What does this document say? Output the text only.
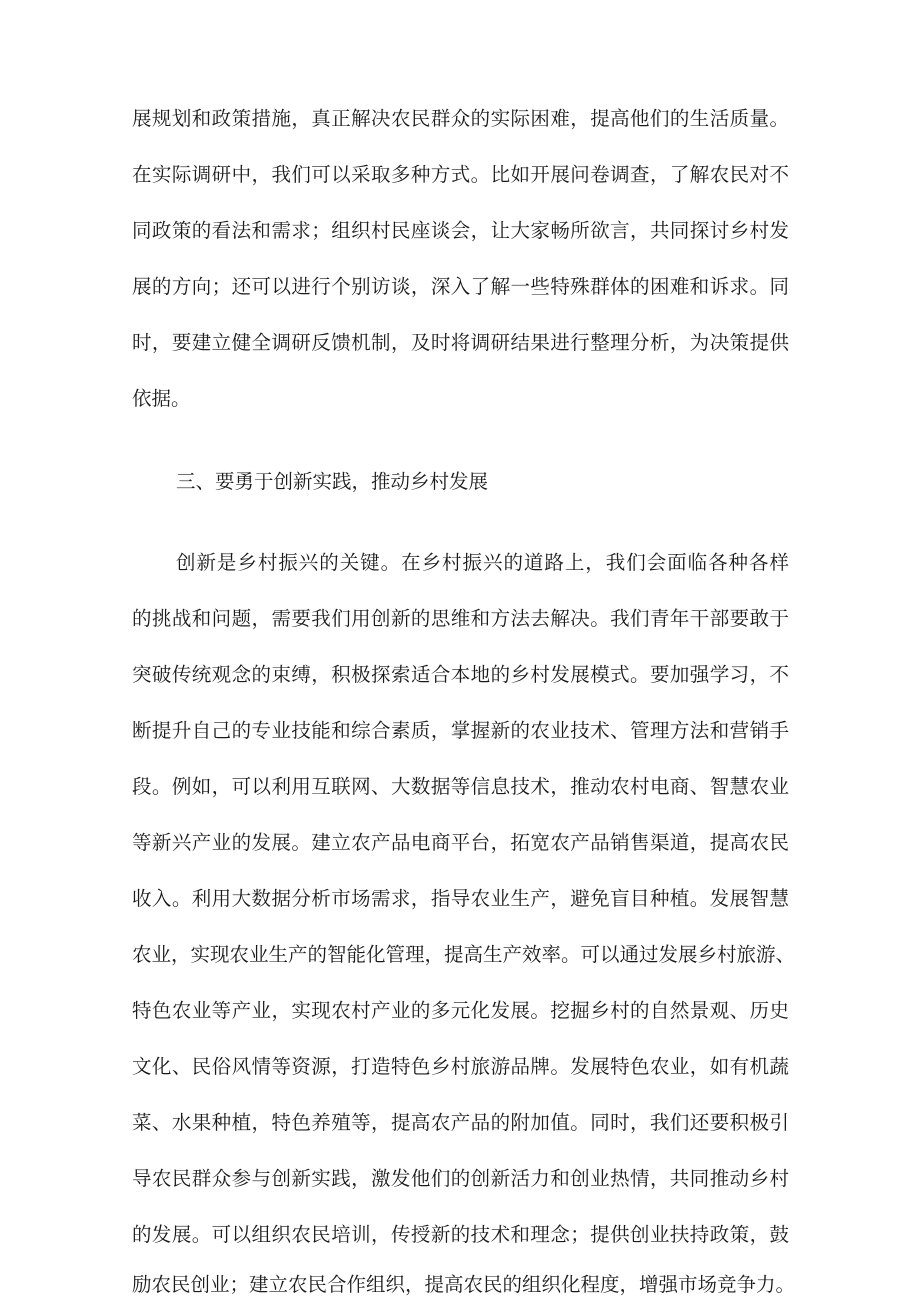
展规划和政策措施，真正解决农民群众的实际困难，提高他们的生活质量。
在实际调研中，我们可以采取多种方式。比如开展问卷调查，了解农民对不
同政策的看法和需求；组织村民座谈会，让大家畅所欲言，共同探讨乡村发
展的方向；还可以进行个别访谈，深入了解一些特殊群体的困难和诉求。同
时，要建立健全调研反馈机制，及时将调研结果进行整理分析，为决策提供
依据。
三、要勇于创新实践，推动乡村发展
创新是乡村振兴的关键。在乡村振兴的道路上，我们会面临各种各样
的挑战和问题，需要我们用创新的思维和方法去解决。我们青年干部要敢于
突破传统观念的束缚，积极探索适合本地的乡村发展模式。要加强学习，不
断提升自己的专业技能和综合素质，掌握新的农业技术、管理方法和营销手
段。例如，可以利用互联网、大数据等信息技术，推动农村电商、智慧农业
等新兴产业的发展。建立农产品电商平台，拓宽农产品销售渠道，提高农民
收入。利用大数据分析市场需求，指导农业生产，避免盲目种植。发展智慧
农业，实现农业生产的智能化管理，提高生产效率。可以通过发展乡村旅游、
特色农业等产业，实现农村产业的多元化发展。挖掘乡村的自然景观、历史
文化、民俗风情等资源，打造特色乡村旅游品牌。发展特色农业，如有机蔬
菜、水果种植，特色养殖等，提高农产品的附加值。同时，我们还要积极引
导农民群众参与创新实践，激发他们的创新活力和创业热情，共同推动乡村
的发展。可以组织农民培训，传授新的技术和理念；提供创业扶持政策，鼓
励农民创业；建立农民合作组织，提高农民的组织化程度，增强市场竞争力。
